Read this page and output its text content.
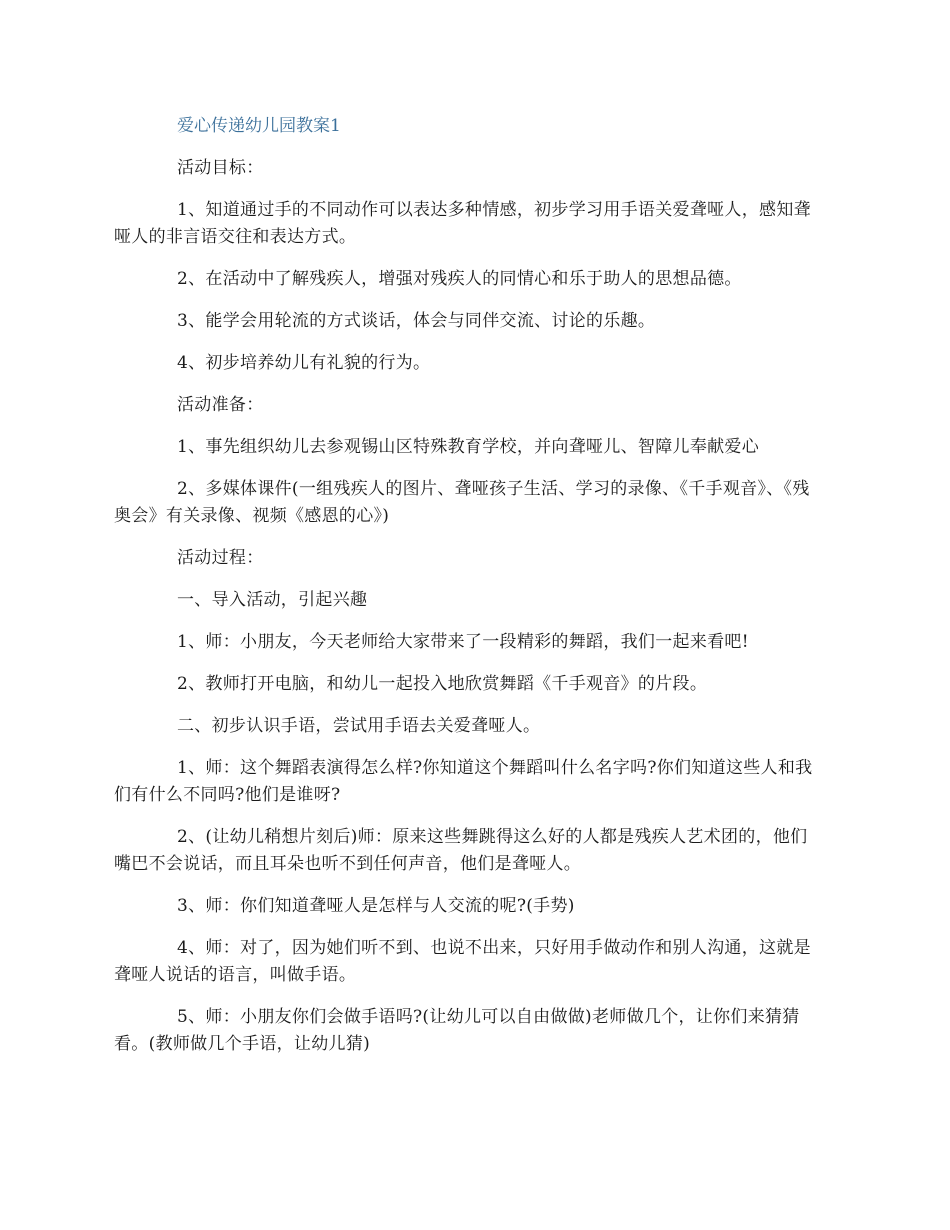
爱心传递幼儿园教案1

活动目标：

1、知道通过手的不同动作可以表达多种情感，初步学习用手语关爱聋哑人，感知聋哑人的非言语交往和表达方式。

2、在活动中了解残疾人，增强对残疾人的同情心和乐于助人的思想品德。

3、能学会用轮流的方式谈话，体会与同伴交流、讨论的乐趣。

4、初步培养幼儿有礼貌的行为。

活动准备：

1、事先组织幼儿去参观锡山区特殊教育学校，并向聋哑儿、智障儿奉献爱心

2、多媒体课件(一组残疾人的图片、聋哑孩子生活、学习的录像、《千手观音》、《残奥会》有关录像、视频《感恩的心》)

活动过程：

一、导入活动，引起兴趣

1、师：小朋友，今天老师给大家带来了一段精彩的舞蹈，我们一起来看吧!

2、教师打开电脑，和幼儿一起投入地欣赏舞蹈《千手观音》的片段。

二、初步认识手语，尝试用手语去关爱聋哑人。

1、师：这个舞蹈表演得怎么样?你知道这个舞蹈叫什么名字吗?你们知道这些人和我们有什么不同吗?他们是谁呀?

2、(让幼儿稍想片刻后)师：原来这些舞跳得这么好的人都是残疾人艺术团的，他们嘴巴不会说话，而且耳朵也听不到任何声音，他们是聋哑人。

3、师：你们知道聋哑人是怎样与人交流的呢?(手势)

4、师：对了，因为她们听不到、也说不出来，只好用手做动作和别人沟通，这就是聋哑人说话的语言，叫做手语。

5、师：小朋友你们会做手语吗?(让幼儿可以自由做做)老师做几个，让你们来猜猜看。(教师做几个手语，让幼儿猜)
